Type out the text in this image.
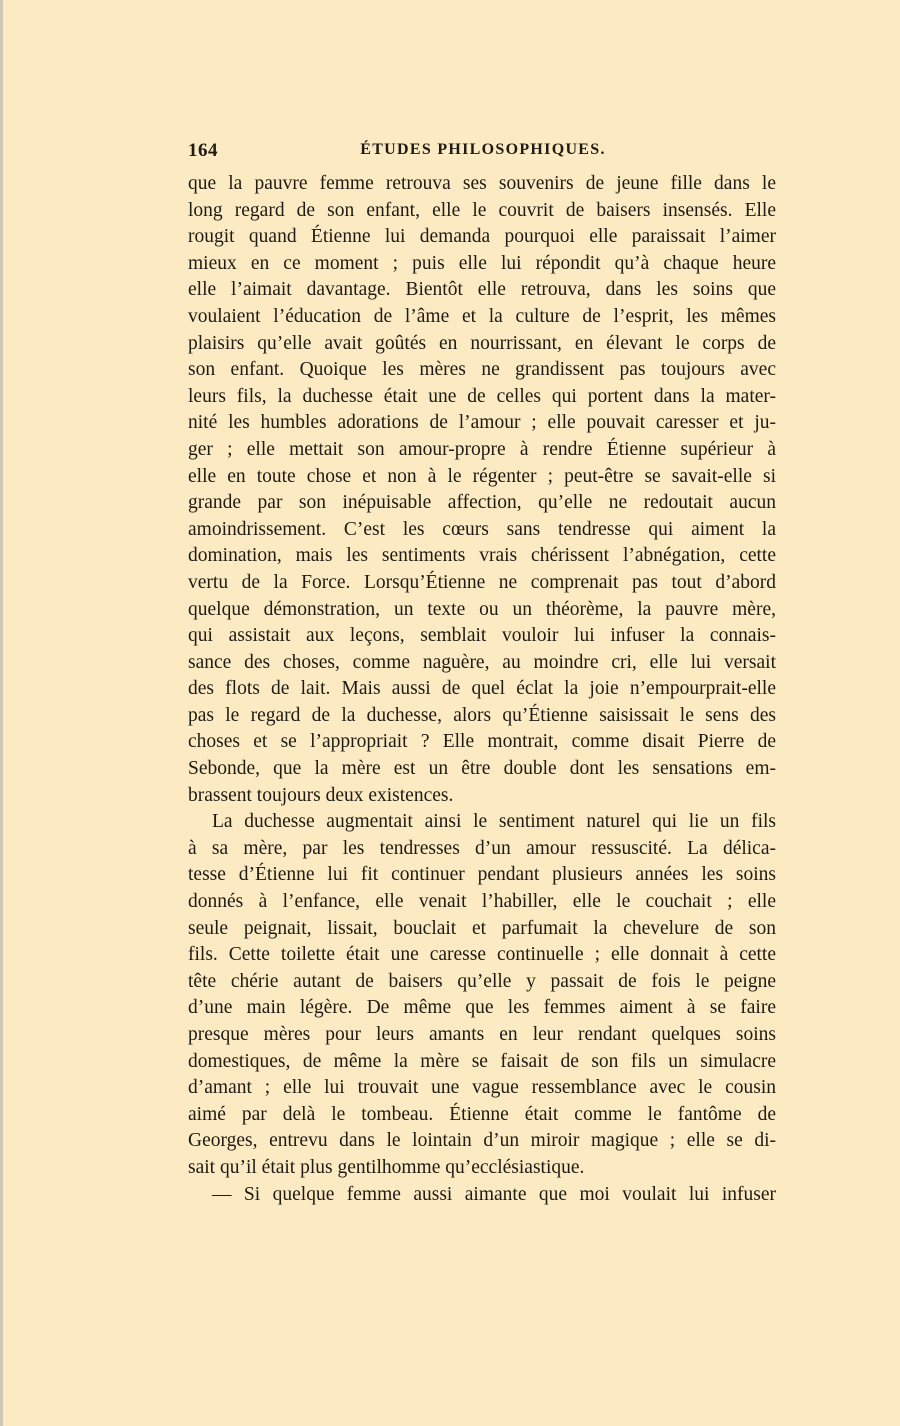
164	ÉTUDES PHILOSOPHIQUES.
que la pauvre femme retrouva ses souvenirs de jeune fille dans le
long regard de son enfant, elle le couvrit de baisers insensés. Elle
rougit quand Étienne lui demanda pourquoi elle paraissait l’aimer
mieux en ce moment ; puis elle lui répondit qu’à chaque heure
elle l’aimait davantage. Bientôt elle retrouva, dans les soins que
voulaient l’éducation de l’âme et la culture de l’esprit, les mêmes
plaisirs qu’elle avait goûtés en nourrissant, en élevant le corps de
son enfant. Quoique les mères ne grandissent pas toujours avec
leurs fils, la duchesse était une de celles qui portent dans la mater-
nité les humbles adorations de l’amour ; elle pouvait caresser et ju-
ger ; elle mettait son amour-propre à rendre Étienne supérieur à
elle en toute chose et non à le régenter ; peut-être se savait-elle si
grande par son inépuisable affection, qu’elle ne redoutait aucun
amoindrissement. C’est les cœurs sans tendresse qui aiment la
domination, mais les sentiments vrais chérissent l’abnégation, cette
vertu de la Force. Lorsqu’Étienne ne comprenait pas tout d’abord
quelque démonstration, un texte ou un théorème, la pauvre mère,
qui assistait aux leçons, semblait vouloir lui infuser la connais-
sance des choses, comme naguère, au moindre cri, elle lui versait
des flots de lait. Mais aussi de quel éclat la joie n’empourprait-elle
pas le regard de la duchesse, alors qu’Étienne saisissait le sens des
choses et se l’appropriait ? Elle montrait, comme disait Pierre de
Sebonde, que la mère est un être double dont les sensations em-
brassent toujours deux existences.
La duchesse augmentait ainsi le sentiment naturel qui lie un fils
à sa mère, par les tendresses d’un amour ressuscité. La délica-
tesse d’Étienne lui fit continuer pendant plusieurs années les soins
donnés à l’enfance, elle venait l’habiller, elle le couchait ; elle
seule peignait, lissait, bouclait et parfumait la chevelure de son
fils. Cette toilette était une caresse continuelle ; elle donnait à cette
tête chérie autant de baisers qu’elle y passait de fois le peigne
d’une main légère. De même que les femmes aiment à se faire
presque mères pour leurs amants en leur rendant quelques soins
domestiques, de même la mère se faisait de son fils un simulacre
d’amant ; elle lui trouvait une vague ressemblance avec le cousin
aimé par delà le tombeau. Étienne était comme le fantôme de
Georges, entrevu dans le lointain d’un miroir magique ; elle se di-
sait qu’il était plus gentilhomme qu’ecclésiastique.
— Si quelque femme aussi aimante que moi voulait lui infuser
